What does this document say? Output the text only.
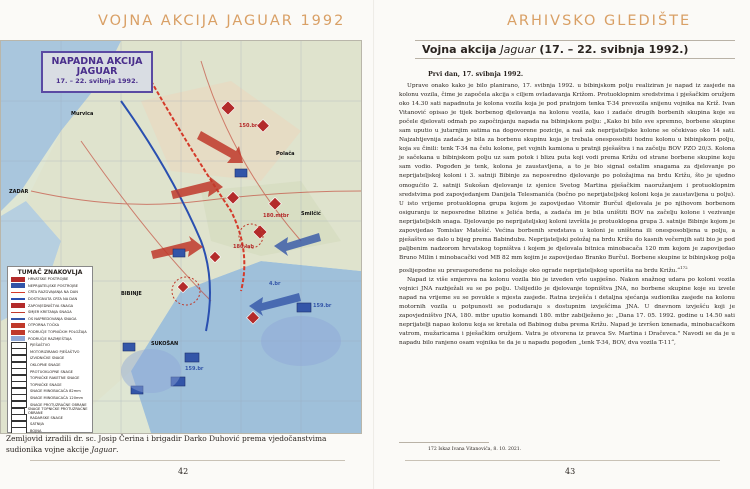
VOJNA AKCIJA JAGUAR 1992
NAPADNA AKCIJA
JAGUAR
17. – 22. svibnja 1992.
ZADAR
BIBINJE
SUKOŠAN
Polača
Smilčić
Murvica
150.br
180.mtbr
180.lab
159.br
4.br
159.br
TUMAČ ZNAKOVLJA
HRVATSKE POSTROJBE
NEPRIJATELJSKE POSTROJBE
CRTA RAZGVAJANJA NA DAN
DOSTIGNUTA CRTA NA DAN
ZAPOVJEDNIŠTVA SNAGA
SMJER KRETANJA SNAGA
OS NAPREDOVANJA SNAGA
OTPORNA TOČKA
PODRUČJE TOPNIČKIH POLOŽAJA
PODRUČJE RAZMJEŠTAJA
PJEŠAŠTVO
MOTORIZIRANO PJEŠAŠTVO
IZVIDNIČKE SNAGE
OKLOPNE SNAGE
PROTUOKLOPNE SNAGE
TOPNIČKE RAKETNE SNAGE
TOPNIČKE SNAGE
SNAGE MINOBACAČA 82mm
SNAGE MINOBACAČA 120mm
SNAGE PROTUZRAČNE OBRANE
SNAGE TOPNIČKE PROTUZRAČNE OBRANE
RADARSKE SNAGE
SATNIJA
BOJNA
Zemljovid izradili dr. sc. Josip Čerina i brigadir Darko Duhović prema vjedočanstvima sudionika vojne akcije Jaguar.
42
ARHIVSKO GLEDIŠTE
Vojna akcija Jaguar (17. – 22. svibnja 1992.)
Prvi dan, 17. svibnja 1992.

Uprave onako kako je bilo planirano, 17. svibnja 1992. u bibinjskom polju realiziran je napad iz zasjede na kolonu vozila, čime je započela akcija s ciljem ovladavanja Križom. Protuoklopnim sredstvima i pješačkim oružjem oko 14.30 sati napadnuta je kolona vozila koja je pod pratnjom tenka T-34 prevozila snijenu vojnika na Križ. Ivan Vitanović opisao je tijek borbenog djelovanja na kolonu vozila, kao i zadaće drugih borbenih skupina koje su počele djelovati odmah po započinjanju napada na bibinjskom polju: „Kako bi bilo sve spremno, borbene skupine sam uputio u jutarnjim satima na dogovorene pozicije, a naš zak neprijateljske kolone se očekivao oko 14 sati. Najzahtjevnija zadaća je bila za borbenu skupinu koja je trebala onesposobiti hodnu kolonu u bibinjskom polju, koja su činili: tenk T-34 na čelu kolone, pet vojnih kamiona u pratnji pješaštva i na začelju BOV PZO 20/3. Kolona je sačekana u bibinjskom polju uz sam potok i blizu puta koji vodi prema Križu od strane borbene skupine koju sam vodio. Pogođen je tenk, kolona je zaustavljena, a to je bio signal ostalim snagama za djelovanje po neprijateljskoj koloni i 3. satniji Bibinje za neposredno djelovanje po položajima na brdu Križu, što je ujedno omogućilo 2. satniji Sukošan djelovanje iz sjenice Svetog Martina pješačkim naoružanjem i protuoklopnim sredstvima pod zapovjedanjem Danijela Telesmanića (bočno po neprijateljskoj koloni koja je zaustavljena u polju). U isto vrijeme protuoklopna grupa kojom je zapovijedao Vitomir Burčul djelovala je po njihovom borbenom osiguranju iz neposredne blizine s Jelića brda, a zadaća im je bila uništiti BOV na začelju kolone i vezivanje neprijateljskih snaga. Djelovanje po neprijateljskoj koloni izvršila je protuoklopna grupa 3. satnije Bibinje kojom je zapovijedao Tomislav Matešić. Većina borbenih sredstava u koloni je uništena ili onesposobljena u polju, a pješaštvo se dalo u bijeg prema Babindubu. Neprijateljski položaj na brdu Križu do kasnih večernjih sati bio je pod paljbenim nadzorom hrvatskog topništva i kojem je djelovala bitnica minobacača 120 mm kojom je zapovijedao Bruno Milin i minobacački vod MB 82 mm kojim je zapovijedao Branko Burčul. Borbene skupine iz bibinjskog polja poslijepodne su preraspoređene na položaje oko ograde neprijateljskog uporišta na brdu Križu.“$^{172}$

Napad iz više smjerova na kolonu vozila bio je izveden vrlo uspješno. Nakon snažnog udara po koloni vozila vojnici JNA razbježali su se po polju. Uslijedilo je djelovanje topništva JNA, no borbene skupine koje su izvele napad na vrijeme su se povukle s mjesta zasjede. Ratna izvješća i detaljna sjećanja sudionika zasjede na kolonu motornih vozila u potpunosti se podudaraju s dostupnim izvješćima JNA. U dnevnom izvješću koji je zapovjedništvo JNA, 180. mtbr uputio komandi 180. mtbr zabilježeno je: „Dana 17. 05. 1992. godine u 14.50 sati neprijatelji napao kolonu koja se kretala od Babinog duba prema Križu. Napad je izvršen iznenada, minobacačkom vatrom, mužaricama i pješačkim oružjem. Vatra je otvorena iz pravca Sv. Martina i Dračevca." Navodi se da je u napadu bilo ranjeno osam vojnika te da je u napadu pogođen „tenk T-34, BOV, dva vozila T-11“,

172 Iskaz Ivana Vitanovića, 8. 10. 2021.
43
